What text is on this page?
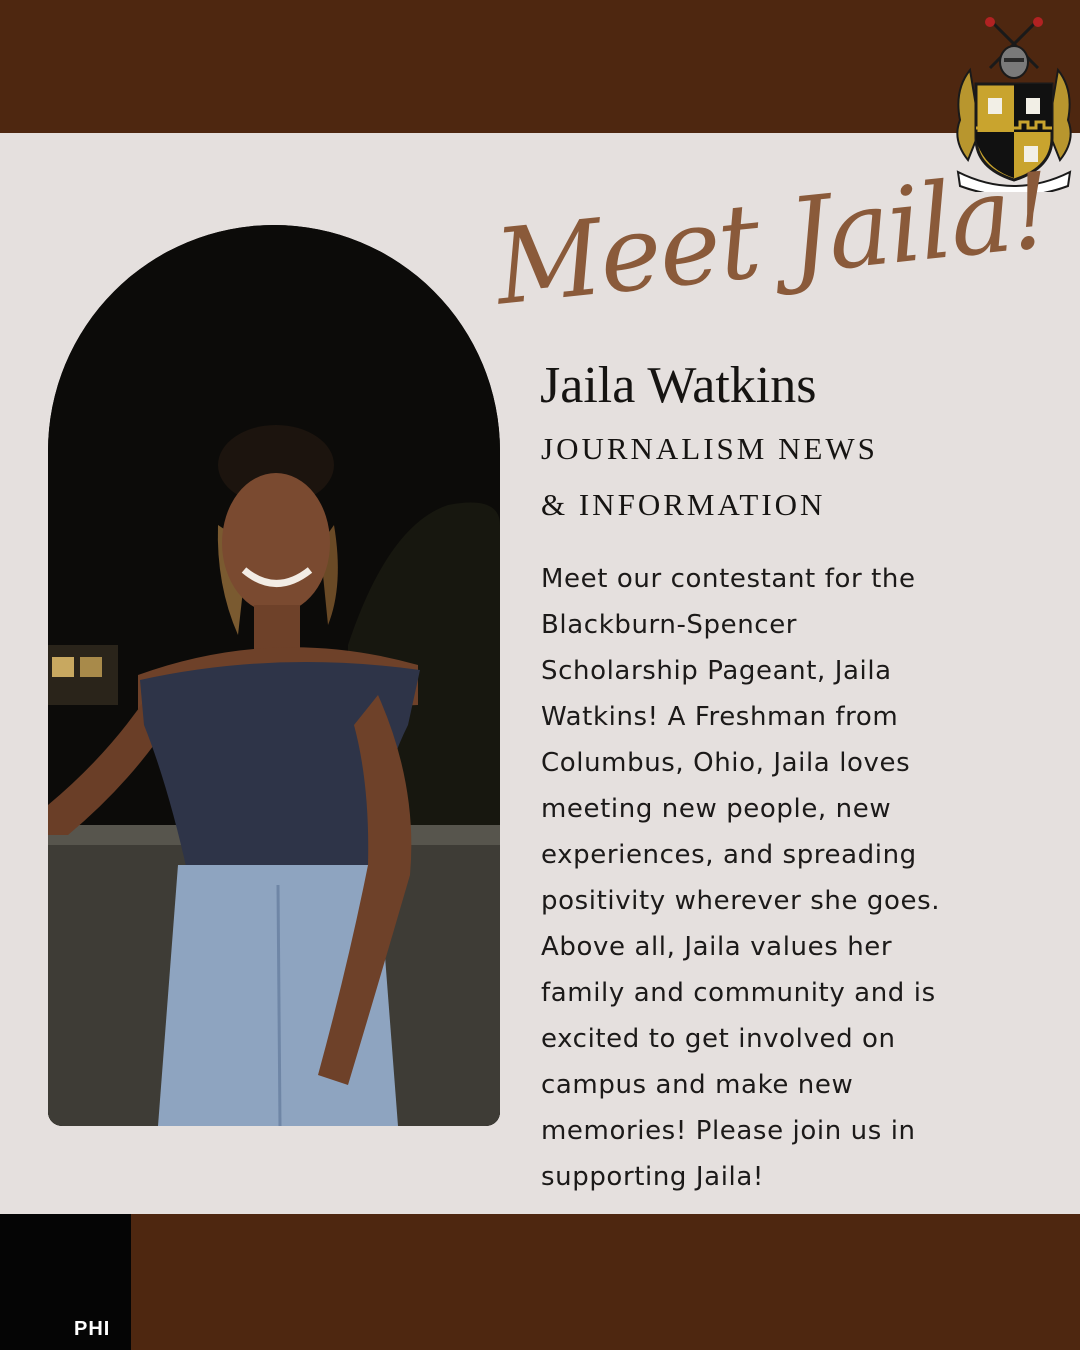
Meet Jaila!
Jaila Watkins
JOURNALISM NEWS
& INFORMATION
Meet our contestant for the
Blackburn-Spencer
Scholarship Pageant, Jaila
Watkins! A Freshman from
Columbus, Ohio, Jaila loves
meeting new people, new
experiences, and spreading
positivity wherever she goes.
Above all, Jaila values her
family and community and is
excited to get involved on
campus and make new
memories! Please join us in
supporting Jaila!
PHI
